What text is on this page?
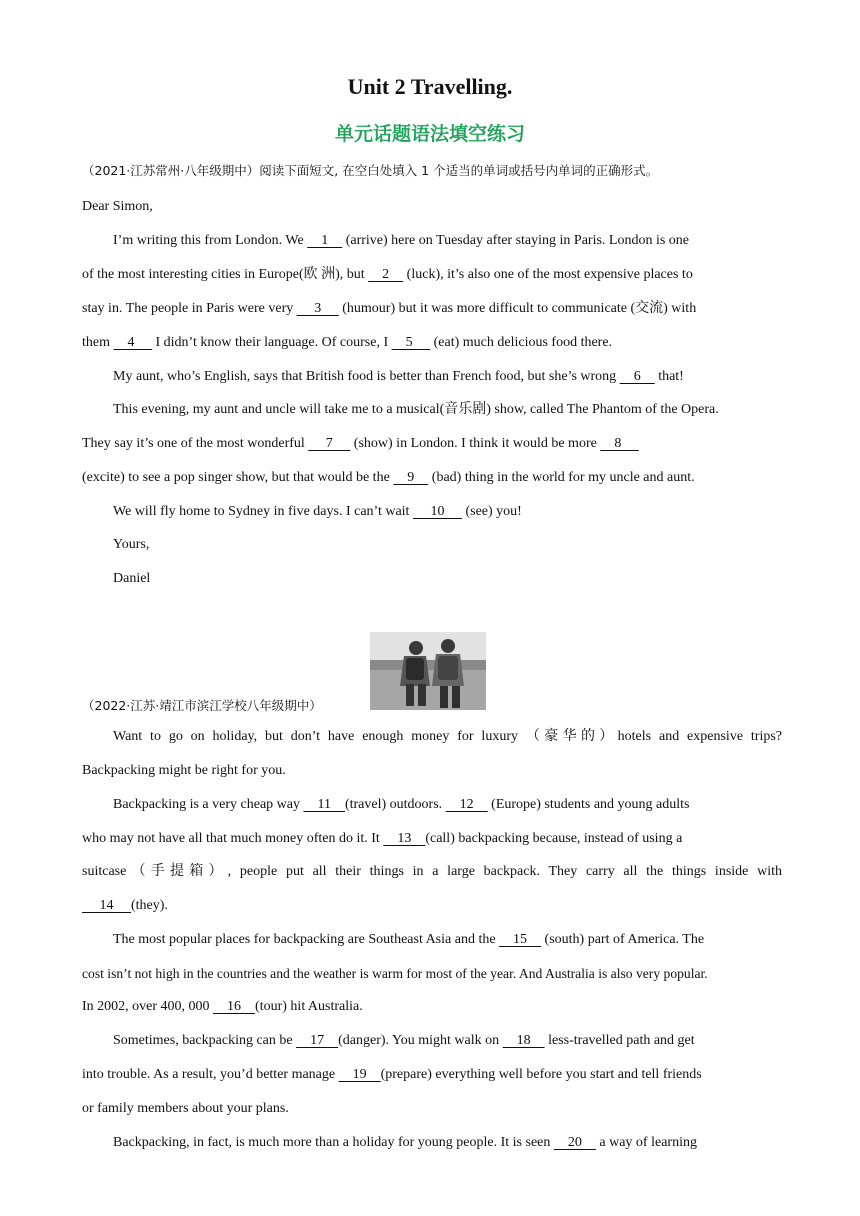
Unit 2 Travelling.
单元话题语法填空练习
（2021·江苏常州·八年级期中）阅读下面短文, 在空白处填入 1 个适当的单词或括号内单词的正确形式。
Dear Simon,
I’m writing this from London. We     1     (arrive) here on Tuesday after staying in Paris. London is one
of the most interesting cities in Europe(欧 洲), but     2     (luck), it’s also one of the most expensive places to
stay in. The people in Paris were very      3      (humour) but it was more difficult to communicate (交流) with
them     4      I didn’t know their language. Of course, I     5      (eat) much delicious food there.
My aunt, who’s English, says that British food is better than French food, but she’s wrong     6     that!
This evening, my aunt and uncle will take me to a musical(音乐剧) show, called The Phantom of the Opera.
They say it’s one of the most wonderful      7      (show) in London. I think it would be more     8
(excite) to see a pop singer show, but that would be the     9     (bad) thing in the world for my uncle and aunt.
We will fly home to Sydney in five days. I can’t wait      10      (see) you!
Yours,
Daniel
（2022·江苏·靖江市滨江学校八年级期中）
Want to go on holiday, but don’t have enough money for luxury （豪华的）hotels and expensive trips?
Backpacking might be right for you.
Backpacking is a very cheap way     11    (travel) outdoors.     12     (Europe) students and young adults
who may not have all that much money often do it. It     13    (call) backpacking because, instead of using a
suitcase（手提箱）, people put all their things in a large backpack. They carry all the things inside with
14     (they).
The most popular places for backpacking are Southeast Asia and the     15     (south) part of America. The
cost isn’t not high in the countries and the weather is warm for most of the year. And Australia is also very popular.
In 2002, over 400, 000     16    (tour) hit Australia.
Sometimes, backpacking can be     17    (danger). You might walk on     18     less-travelled path and get
into trouble. As a result, you’d better manage     19    (prepare) everything well before you start and tell friends
or family members about your plans.
Backpacking, in fact, is much more than a holiday for young people. It is seen     20     a way of learning
